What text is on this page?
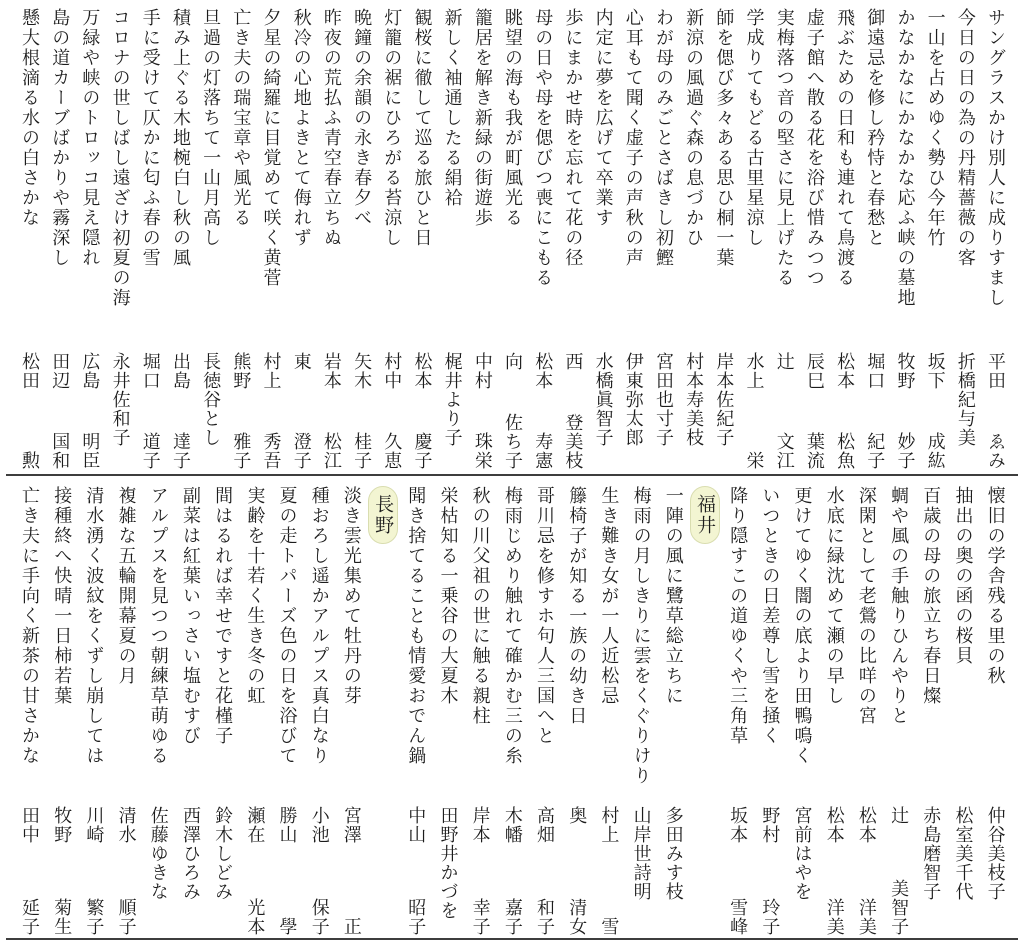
サングラスかけ別人に成りすまし
平田
ゑみ
今日の日の為の丹精薔薇の客
折橋紀与美
一山を占めゆく勢ひ今年竹
坂下
成紘
かなかなにかなかな応ふ峡の墓地
牧野
妙子
御遠忌を修し矜恃と春愁と
堀口
紀子
飛ぶための日和も連れて鳥渡る
松本
松魚
虚子館へ散る花を浴び惜みつつ
辰巳
葉流
実梅落つ音の堅さに見上げたる
辻
文江
学成りてもどる古里星涼し
水上
栄
師を偲び多々ある思ひ桐一葉
岸本佐紀子
新涼の風過ぐ森の息づかひ
村本寿美枝
わが母のみごとさばきし初鰹
宮田也寸子
心耳もて聞く虚子の声秋の声
伊東弥太郎
内定に夢を広げて卒業す
水橋眞智子
歩にまかせ時を忘れて花の径
西
登美枝
母の日や母を偲びつ喪にこもる
松本
寿憲
眺望の海も我が町風光る
向
佐ち子
籠居を解き新緑の街遊歩
中村
珠栄
新しく袖通したる絹袷
梶井より子
観桜に徹して巡る旅ひと日
松本
慶子
灯籠の裾にひろがる苔涼し
村中
久恵
晩鐘の余韻の永き春夕べ
矢木
桂子
昨夜の荒払ふ青空春立ちぬ
岩本
松江
秋冷の心地よきとて侮れず
東
澄子
夕星の綺羅に目覚めて咲く黄菅
村上
秀吾
亡き夫の瑞宝章や風光る
熊野
雅子
旦過の灯落ちて一山月高し
長徳谷とし
積み上ぐる木地椀白し秋の風
出島
達子
手に受けて仄かに匂ふ春の雪
堀口
道子
コロナの世しばし遠ざけ初夏の海
永井佐和子
万緑や峡のトロッコ見え隠れ
広島
明臣
島の道カーブばかりや霧深し
田辺
国和
懸大根滴る水の白さかな
松田
勲
懐旧の学舎残る里の秋
仲谷美枝子
抽出の奥の函の桜貝
松室美千代
百歳の母の旅立ち春日燦
赤島磨智子
蜩や風の手触りひんやりと
辻
美智子
深閑として老鶯の比咩の宮
松本
洋美
水底に緑沈めて瀬の早し
松本
洋美
更けてゆく闇の底より田鴨鳴く
宮前はやを
いつときの日差尊し雪を掻く
野村
玲子
降り隠すこの道ゆくや三角草
坂本
雪峰
福井
一陣の風に鷺草総立ちに
多田みす枝
梅雨の月しきりに雲をくぐりけり
山岸世詩明
生き難き女が一人近松忌
村上
雪
籐椅子が知る一族の幼き日
奥
清女
哥川忌を修すホ句人三国へと
高畑
和子
梅雨じめり触れて確かむ三の糸
木幡
嘉子
秋の川父祖の世に触る親柱
岸本
幸子
栄枯知る一乗谷の大夏木
田野井かづを
聞き捨てることも情愛おでん鍋
中山
昭子
長野
淡き雲光集めて牡丹の芽
宮澤
正
種おろし遥かアルプス真白なり
小池
保子
夏の走トパーズ色の日を浴びて
勝山
學
実齢を十若く生き冬の虹
瀬在
光本
間はるれば幸せですと花槿子
鈴木しどみ
副菜は紅葉いっさい塩むすび
西澤ひろみ
アルプスを見つつ朝練草萌ゆる
佐藤ゆきな
複雑な五輪開幕夏の月
清水
順子
清水湧く波紋をくずし崩しては
川崎
繁子
接種終へ快晴一日柿若葉
牧野
菊生
亡き夫に手向く新茶の甘さかな
田中
延子
